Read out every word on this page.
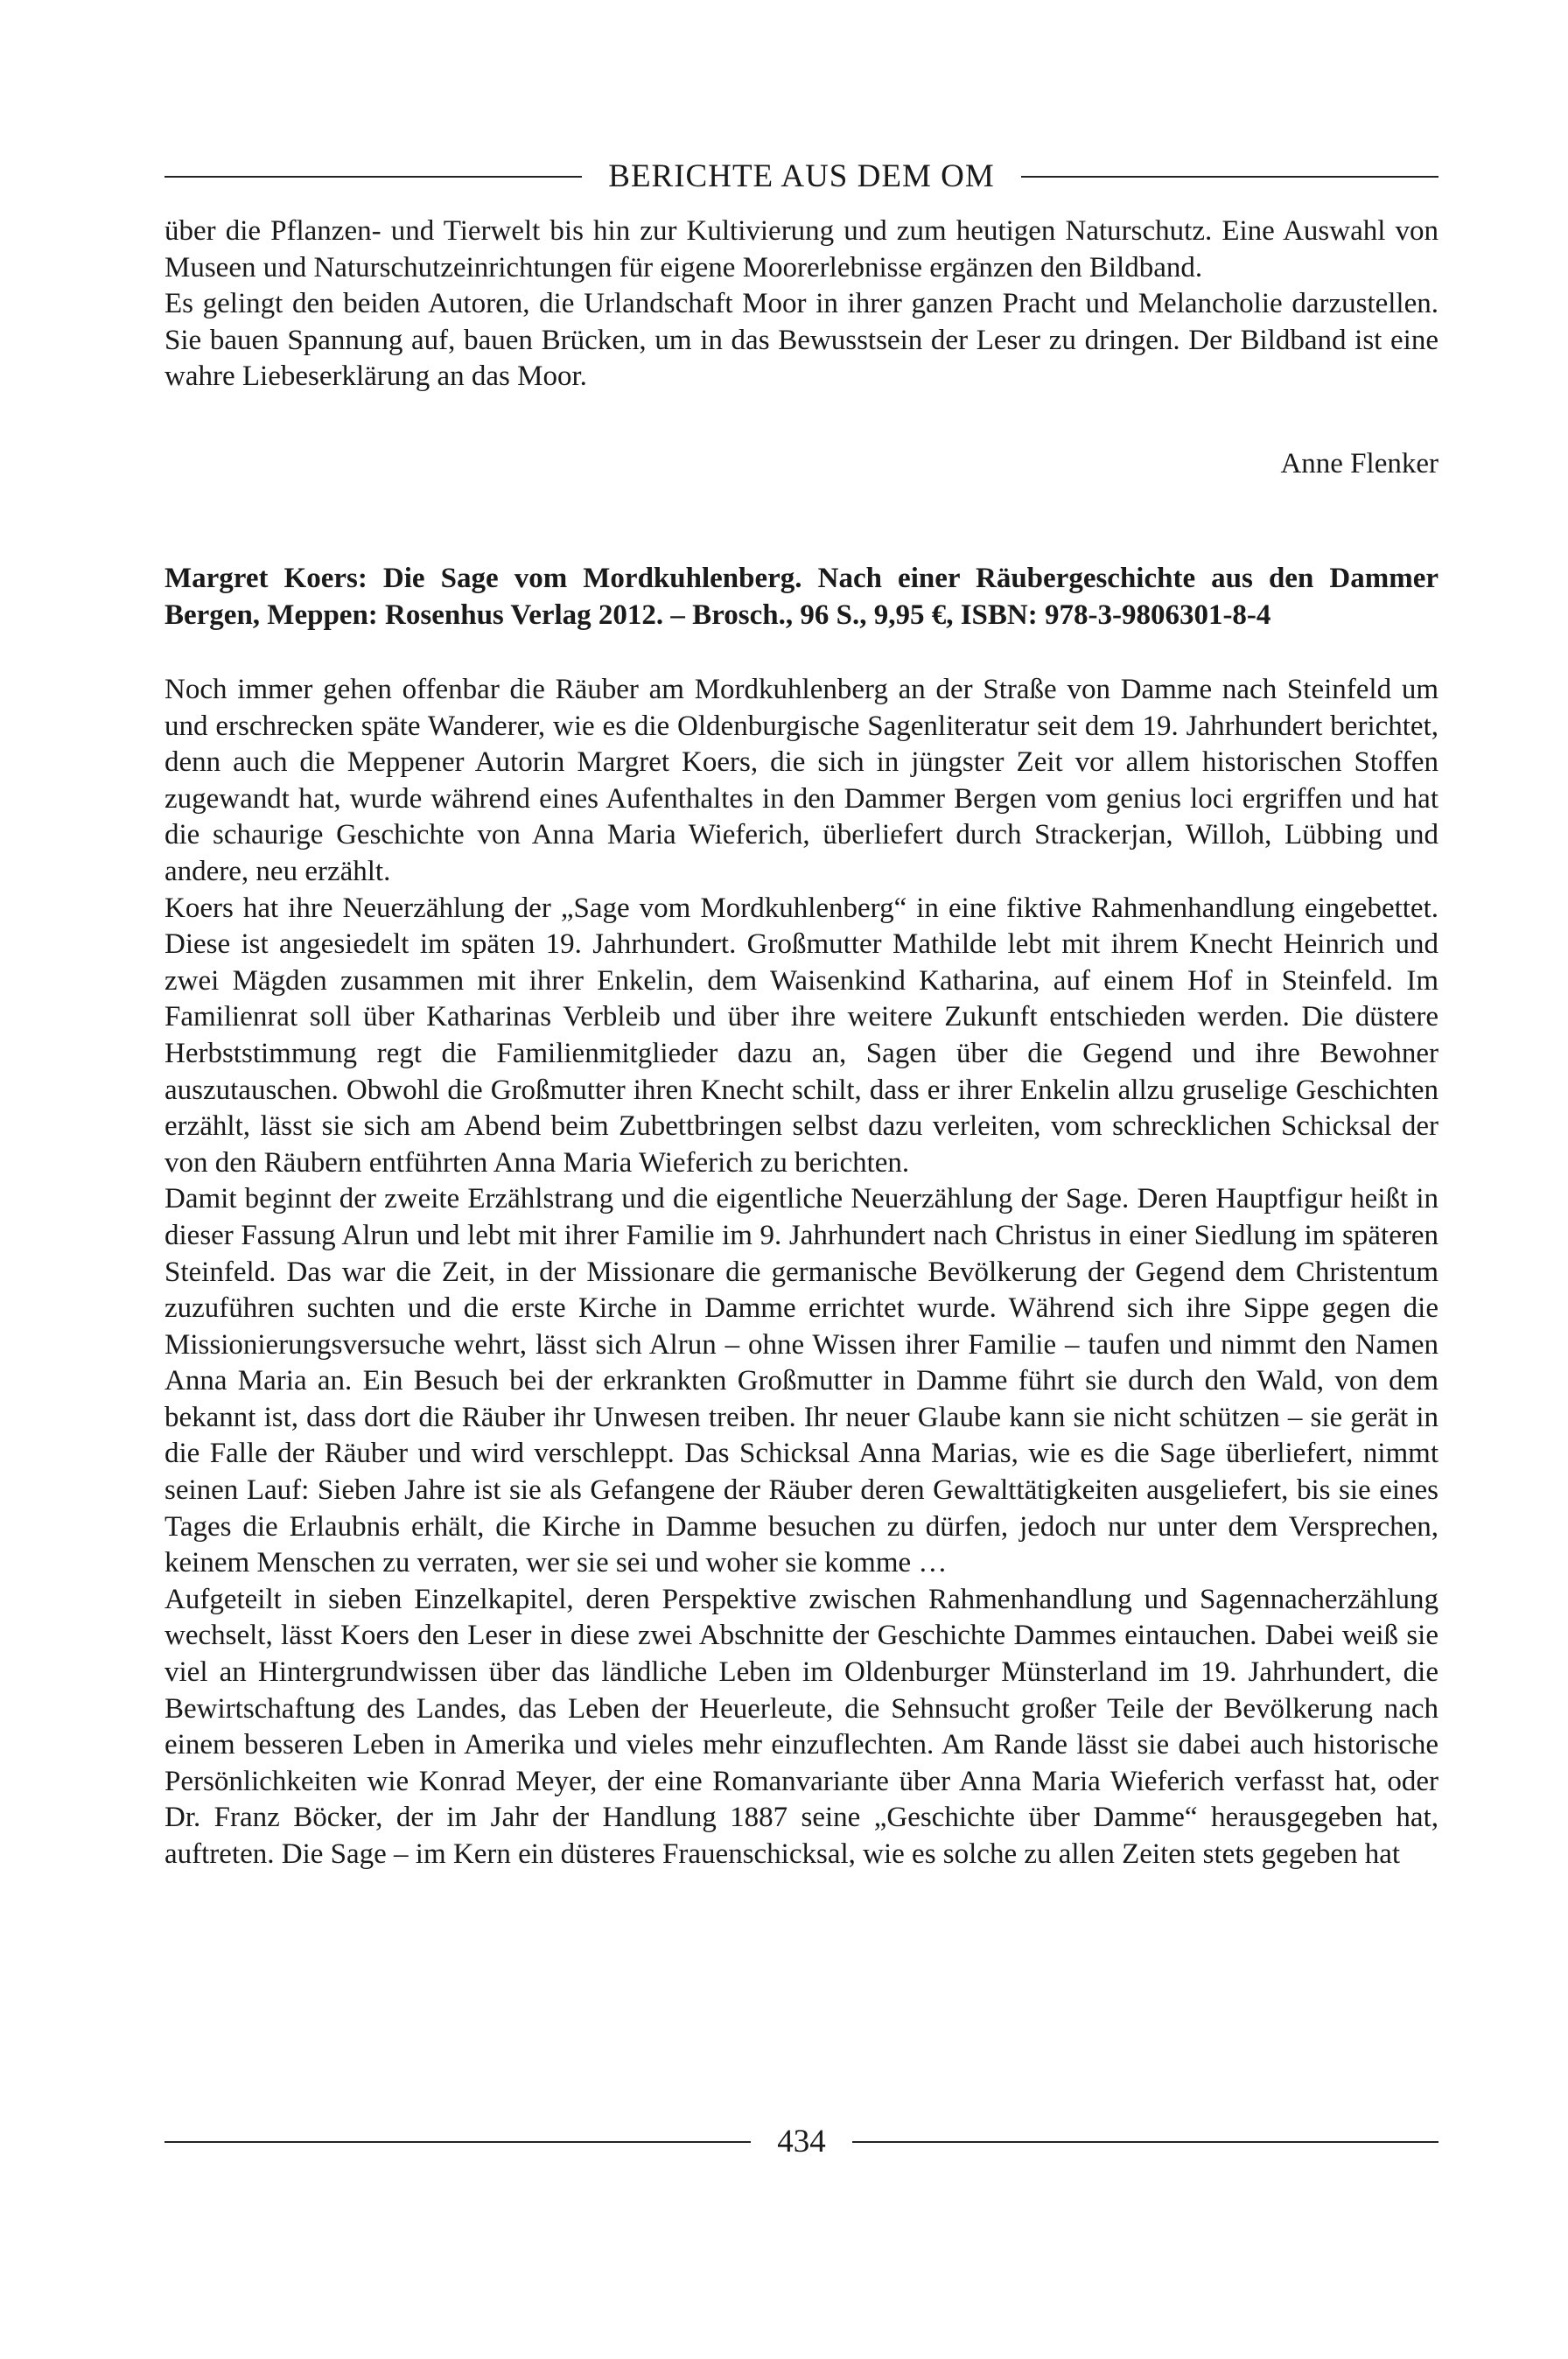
BERICHTE AUS DEM OM

über die Pflanzen- und Tierwelt bis hin zur Kultivierung und zum heutigen Naturschutz. Eine Auswahl von Museen und Naturschutzeinrichtungen für eigene Moorerlebnisse ergänzen den Bildband.

Es gelingt den beiden Autoren, die Urlandschaft Moor in ihrer ganzen Pracht und Melancholie darzustellen. Sie bauen Spannung auf, bauen Brücken, um in das Bewusstsein der Leser zu dringen. Der Bildband ist eine wahre Liebeserklärung an das Moor.

Anne Flenker
Margret Koers: Die Sage vom Mordkuhlenberg. Nach einer Räubergeschichte aus den Dammer Bergen, Meppen: Rosenhus Verlag 2012. – Brosch., 96 S., 9,95 €, ISBN: 978-3-9806301-8-4

Noch immer gehen offenbar die Räuber am Mordkuhlenberg an der Straße von Damme nach Steinfeld um und erschrecken späte Wanderer, wie es die Oldenburgische Sagenliteratur seit dem 19. Jahrhundert berichtet, denn auch die Meppener Autorin Margret Koers, die sich in jüngster Zeit vor allem historischen Stoffen zugewandt hat, wurde während eines Aufenthaltes in den Dammer Bergen vom genius loci ergriffen und hat die schaurige Geschichte von Anna Maria Wieferich, überliefert durch Strackerjan, Willoh, Lübbing und andere, neu erzählt.

Koers hat ihre Neuerzählung der „Sage vom Mordkuhlenberg“ in eine fiktive Rahmenhandlung eingebettet. Diese ist angesiedelt im späten 19. Jahrhundert. Großmutter Mathilde lebt mit ihrem Knecht Heinrich und zwei Mägden zusammen mit ihrer Enkelin, dem Waisenkind Katharina, auf einem Hof in Steinfeld. Im Familienrat soll über Katharinas Verbleib und über ihre weitere Zukunft entschieden werden. Die düstere Herbststimmung regt die Familienmitglieder dazu an, Sagen über die Gegend und ihre Bewohner auszutauschen. Obwohl die Großmutter ihren Knecht schilt, dass er ihrer Enkelin allzu gruselige Geschichten erzählt, lässt sie sich am Abend beim Zubettbringen selbst dazu verleiten, vom schrecklichen Schicksal der von den Räubern entführten Anna Maria Wieferich zu berichten.

Damit beginnt der zweite Erzählstrang und die eigentliche Neuerzählung der Sage. Deren Hauptfigur heißt in dieser Fassung Alrun und lebt mit ihrer Familie im 9. Jahrhundert nach Christus in einer Siedlung im späteren Steinfeld. Das war die Zeit, in der Missionare die germanische Bevölkerung der Gegend dem Christentum zuzuführen suchten und die erste Kirche in Damme errichtet wurde. Während sich ihre Sippe gegen die Missionierungsversuche wehrt, lässt sich Alrun – ohne Wissen ihrer Familie – taufen und nimmt den Namen Anna Maria an. Ein Besuch bei der erkrankten Großmutter in Damme führt sie durch den Wald, von dem bekannt ist, dass dort die Räuber ihr Unwesen treiben. Ihr neuer Glaube kann sie nicht schützen – sie gerät in die Falle der Räuber und wird verschleppt. Das Schicksal Anna Marias, wie es die Sage überliefert, nimmt seinen Lauf: Sieben Jahre ist sie als Gefangene der Räuber deren Gewalttätigkeiten ausgeliefert, bis sie eines Tages die Erlaubnis erhält, die Kirche in Damme besuchen zu dürfen, jedoch nur unter dem Versprechen, keinem Menschen zu verraten, wer sie sei und woher sie komme …

Aufgeteilt in sieben Einzelkapitel, deren Perspektive zwischen Rahmenhandlung und Sagennacherzählung wechselt, lässt Koers den Leser in diese zwei Abschnitte der Geschichte Dammes eintauchen. Dabei weiß sie viel an Hintergrundwissen über das ländliche Leben im Oldenburger Münsterland im 19. Jahrhundert, die Bewirtschaftung des Landes, das Leben der Heuerleute, die Sehnsucht großer Teile der Bevölkerung nach einem besseren Leben in Amerika und vieles mehr einzuflechten. Am Rande lässt sie dabei auch historische Persönlichkeiten wie Konrad Meyer, der eine Romanvariante über Anna Maria Wieferich verfasst hat, oder Dr. Franz Böcker, der im Jahr der Handlung 1887 seine „Geschichte über Damme“ herausgegeben hat, auftreten. Die Sage – im Kern ein düsteres Frauenschicksal, wie es solche zu allen Zeiten stets gegeben hat

434
